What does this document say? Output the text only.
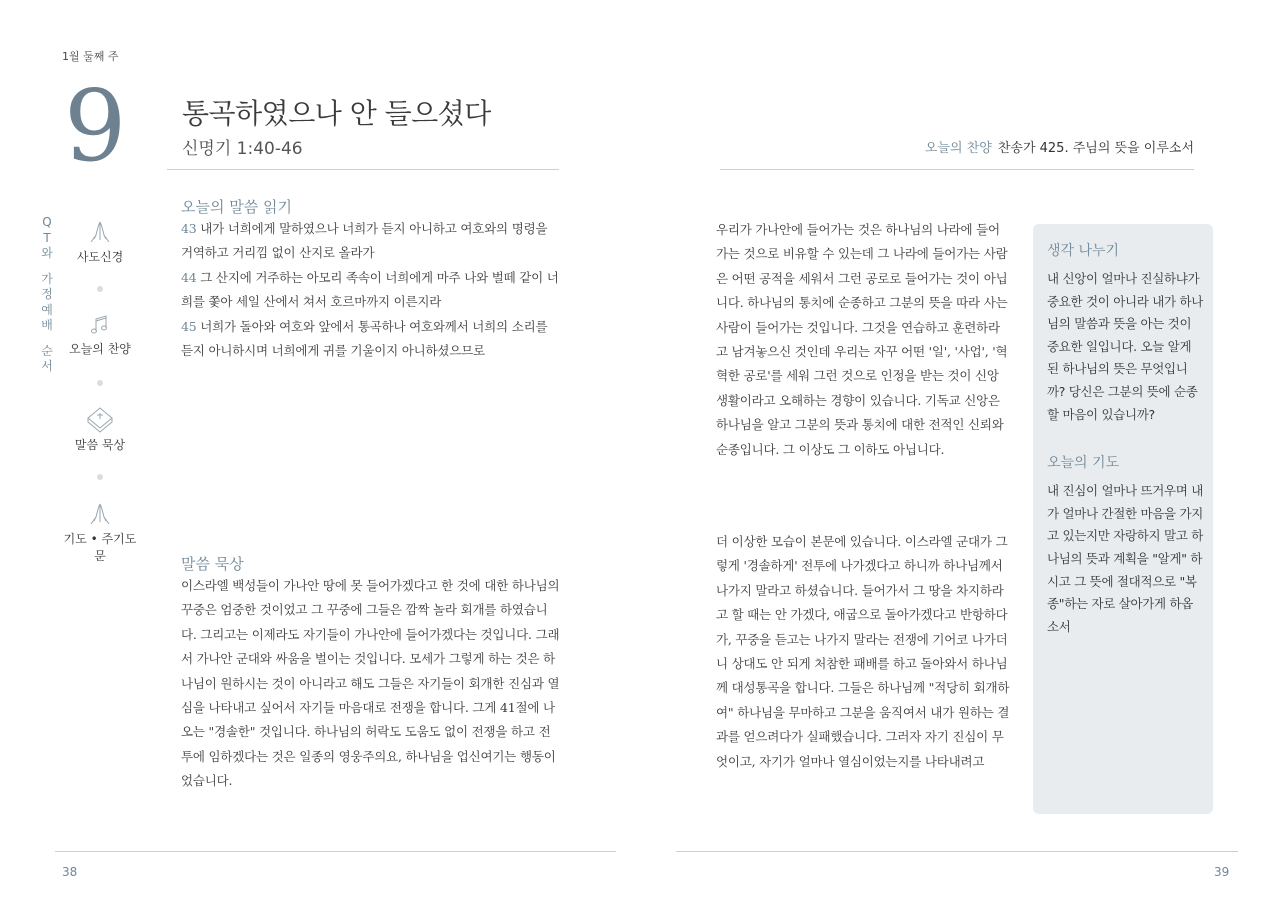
1월 둘째 주
9 통곡하였으나 안 들으셨다
신명기 1:40-46
Q
T
와

가
정
예
배

순
서
사도신경
오늘의 찬양
말씀 묵상
기도 • 주기도문
오늘의 말씀 읽기
43 내가 너희에게 말하였으나 너희가 듣지 아니하고 여호와의 명령을 거역하고 거리낌 없이 산지로 올라가
44 그 산지에 거주하는 아모리 족속이 너희에게 마주 나와 벌떼 같이 너희를 쫓아 세일 산에서 쳐서 호르마까지 이른지라
45 너희가 돌아와 여호와 앞에서 통곡하나 여호와께서 너희의 소리를 듣지 아니하시며 너희에게 귀를 기울이지 아니하셨으므로
말씀 묵상
이스라엘 백성들이 가나안 땅에 못 들어가겠다고 한 것에 대한 하나님의 꾸중은 엄중한 것이었고 그 꾸중에 그들은 깜짝 놀라 회개를 하였습니다. 그리고는 이제라도 자기들이 가나안에 들어가겠다는 것입니다. 그래서 가나안 군대와 싸움을 벌이는 것입니다. 모세가 그렇게 하는 것은 하나님이 원하시는 것이 아니라고 해도 그들은 자기들이 회개한 진심과 열심을 나타내고 싶어서 자기들 마음대로 전쟁을 합니다. 그게 41절에 나오는 "경솔한" 것입니다. 하나님의 허락도 도움도 없이 전쟁을 하고 전투에 임하겠다는 것은 일종의 영웅주의요, 하나님을 업신여기는 행동이었습니다.
38
오늘의 찬양 찬송가 425. 주님의 뜻을 이루소서
우리가 가나안에 들어가는 것은 하나님의 나라에 들어가는 것으로 비유할 수 있는데 그 나라에 들어가는 사람은 어떤 공적을 세워서 그런 공로로 들어가는 것이 아닙니다. 하나님의 통치에 순종하고 그분의 뜻을 따라 사는 사람이 들어가는 것입니다. 그것을 연습하고 훈련하라고 남겨놓으신 것인데 우리는 자꾸 어떤 '일', '사업', '혁혁한 공로'를 세워 그런 것으로 인정을 받는 것이 신앙생활이라고 오해하는 경향이 있습니다. 기독교 신앙은 하나님을 알고 그분의 뜻과 통치에 대한 전적인 신뢰와 순종입니다. 그 이상도 그 이하도 아닙니다.
더 이상한 모습이 본문에 있습니다. 이스라엘 군대가 그렇게 '경솔하게' 전투에 나가겠다고 하니까 하나님께서 나가지 말라고 하셨습니다. 들어가서 그 땅을 차지하라고 할 때는 안 가겠다, 애굽으로 돌아가겠다고 반항하다가, 꾸중을 듣고는 나가지 말라는 전쟁에 기어코 나가더니 상대도 안 되게 처참한 패배를 하고 돌아와서 하나님께 대성통곡을 합니다. 그들은 하나님께 "적당히 회개하여" 하나님을 무마하고 그분을 움직여서 내가 원하는 결과를 얻으려다가 실패했습니다. 그러자 자기 진심이 무엇이고, 자기가 얼마나 열심이었는지를 나타내려고
생각 나누기
내 신앙이 얼마나 진실하냐가 중요한 것이 아니라 내가 하나님의 말씀과 뜻을 아는 것이 중요한 일입니다. 오늘 알게 된 하나님의 뜻은 무엇입니까? 당신은 그분의 뜻에 순종할 마음이 있습니까?
오늘의 기도
내 진심이 얼마나 뜨거우며 내가 얼마나 간절한 마음을 가지고 있는지만 자랑하지 말고 하나님의 뜻과 계획을 "알게" 하시고 그 뜻에 절대적으로 "복종"하는 자로 살아가게 하옵소서
39
